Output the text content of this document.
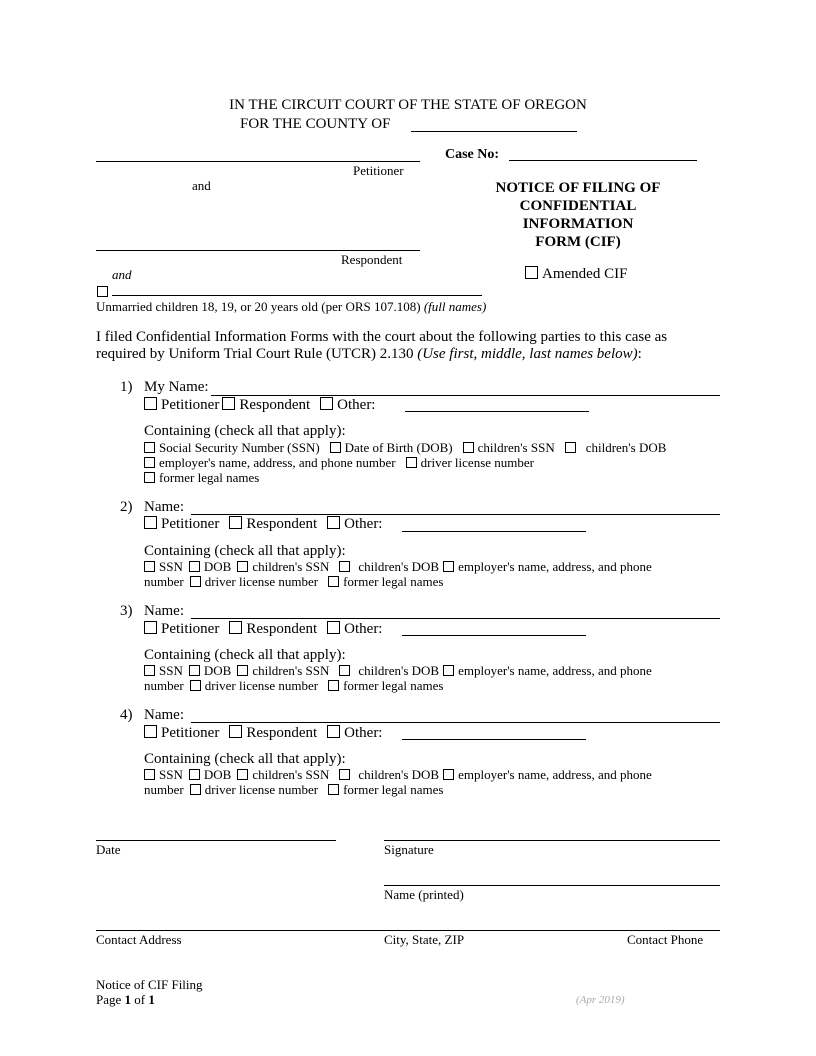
IN THE CIRCUIT COURT OF THE STATE OF OREGON
FOR THE COUNTY OF
Petitioner
and
Respondent
and
Unmarried children 18, 19, or 20 years old (per ORS 107.108) (full names)
Case No:
NOTICE OF FILING OF
CONFIDENTIAL
INFORMATION
FORM (CIF)
Amended CIF
I filed Confidential Information Forms with the court about the following parties to this case as
required by Uniform Trial Court Rule (UTCR) 2.130 (Use first, middle, last names below):
1) My Name:
Petitioner Respondent Other:
Containing (check all that apply):
Social Security Number (SSN) Date of Birth (DOB) children's SSN children's DOB
employer's name, address, and phone number driver license number
former legal names
2) Name:
Petitioner Respondent Other:
Containing (check all that apply):
SSN DOB children's SSN children's DOB employer's name, address, and phone
number driver license number former legal names
3) Name:
Petitioner Respondent Other:
Containing (check all that apply):
SSN DOB children's SSN children's DOB employer's name, address, and phone
number driver license number former legal names
4) Name:
Petitioner Respondent Other:
Containing (check all that apply):
SSN DOB children's SSN children's DOB employer's name, address, and phone
number driver license number former legal names
Date	Signature
Name (printed)
Contact Address	City, State, ZIP	Contact Phone
Notice of CIF Filing
Page 1 of 1	(Apr 2019)
